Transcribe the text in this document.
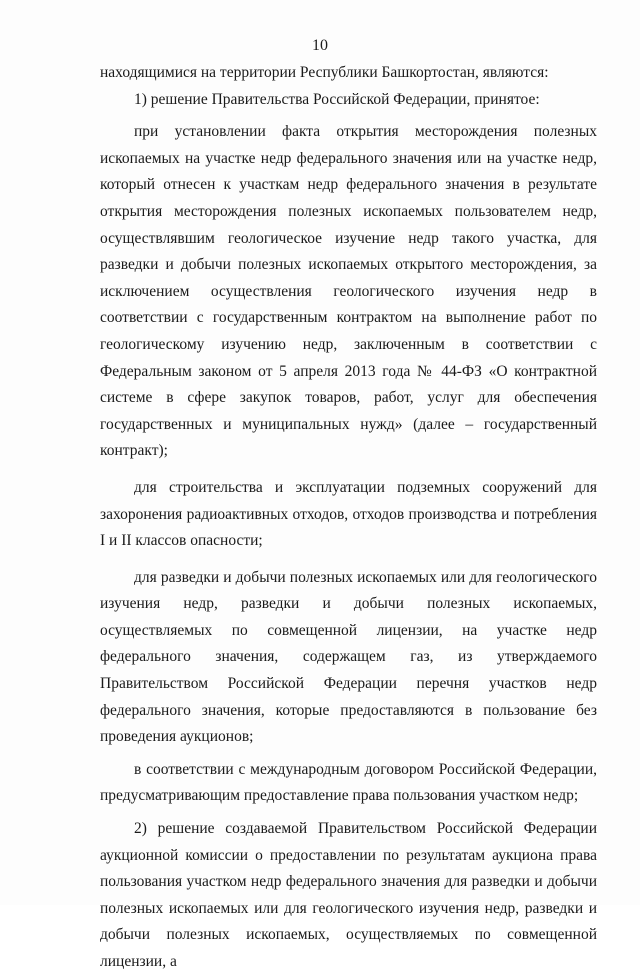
10

находящимися на территории Республики Башкортостан, являются:

1) решение Правительства Российской Федерации, принятое:

при установлении факта открытия месторождения полезных ископаемых на участке недр федерального значения или на участке недр, который отнесен к участкам недр федерального значения в результате открытия месторождения полезных ископаемых пользователем недр, осуществлявшим геологическое изучение недр такого участка, для разведки и добычи полезных ископаемых открытого месторождения, за исключением осуществления геологического изучения недр в соответствии с государственным контрактом на выполнение работ по геологическому изучению недр, заключенным в соответствии с Федеральным законом от 5 апреля 2013 года № 44-ФЗ «О контрактной системе в сфере закупок товаров, работ, услуг для обеспечения государственных и муниципальных нужд» (далее – государственный контракт);

для строительства и эксплуатации подземных сооружений для захоронения радиоактивных отходов, отходов производства и потребления I и II классов опасности;

для разведки и добычи полезных ископаемых или для геологического изучения недр, разведки и добычи полезных ископаемых, осуществляемых по совмещенной лицензии, на участке недр федерального значения, содержащем газ, из утверждаемого Правительством Российской Федерации перечня участков недр федерального значения, которые предоставляются в пользование без проведения аукционов;

в соответствии с международным договором Российской Федерации, предусматривающим предоставление права пользования участком недр;

2) решение создаваемой Правительством Российской Федерации аукционной комиссии о предоставлении по результатам аукциона права пользования участком недр федерального значения для разведки и добычи полезных ископаемых или для геологического изучения недр, разведки и добычи полезных ископаемых, осуществляемых по совмещенной лицензии, а
